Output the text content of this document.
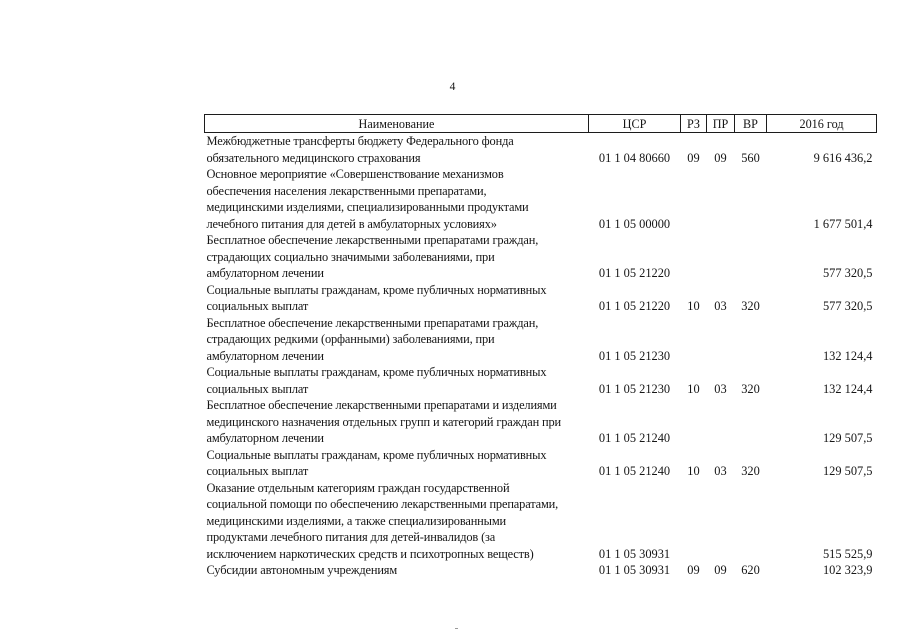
4
Наименование	ЦСР	РЗ	ПР	ВР	2016 год

Межбюджетные трансферты бюджету Федерального фонда
обязательного медицинского страхования	01 1 04 80660	09	09	560	9 616 436,2

Основное мероприятие «Совершенствование механизмов
обеспечения населения лекарственными препаратами,
медицинскими изделиями, специализированными продуктами
лечебного питания для детей в амбулаторных условиях»	01 1 05 00000				1 677 501,4

Бесплатное обеспечение лекарственными препаратами граждан,
страдающих социально значимыми заболеваниями, при
амбулаторном лечении	01 1 05 21220				577 320,5

Социальные выплаты гражданам, кроме публичных нормативных
социальных выплат	01 1 05 21220	10	03	320	577 320,5

Бесплатное обеспечение лекарственными препаратами граждан,
страдающих редкими (орфанными) заболеваниями, при
амбулаторном лечении	01 1 05 21230				132 124,4

Социальные выплаты гражданам, кроме публичных нормативных
социальных выплат	01 1 05 21230	10	03	320	132 124,4

Бесплатное обеспечение лекарственными препаратами и изделиями
медицинского назначения отдельных групп и категорий граждан при
амбулаторном лечении	01 1 05 21240				129 507,5

Социальные выплаты гражданам, кроме публичных нормативных
социальных выплат	01 1 05 21240	10	03	320	129 507,5

Оказание отдельным категориям граждан государственной
социальной помощи по обеспечению лекарственными препаратами,
медицинскими изделиями, а также специализированными
продуктами лечебного питания для детей-инвалидов (за
исключением наркотических средств и психотропных веществ)	01 1 05 30931				515 525,9

Субсидии автономным учреждениям	01 1 05 30931	09	09	620	102 323,9
